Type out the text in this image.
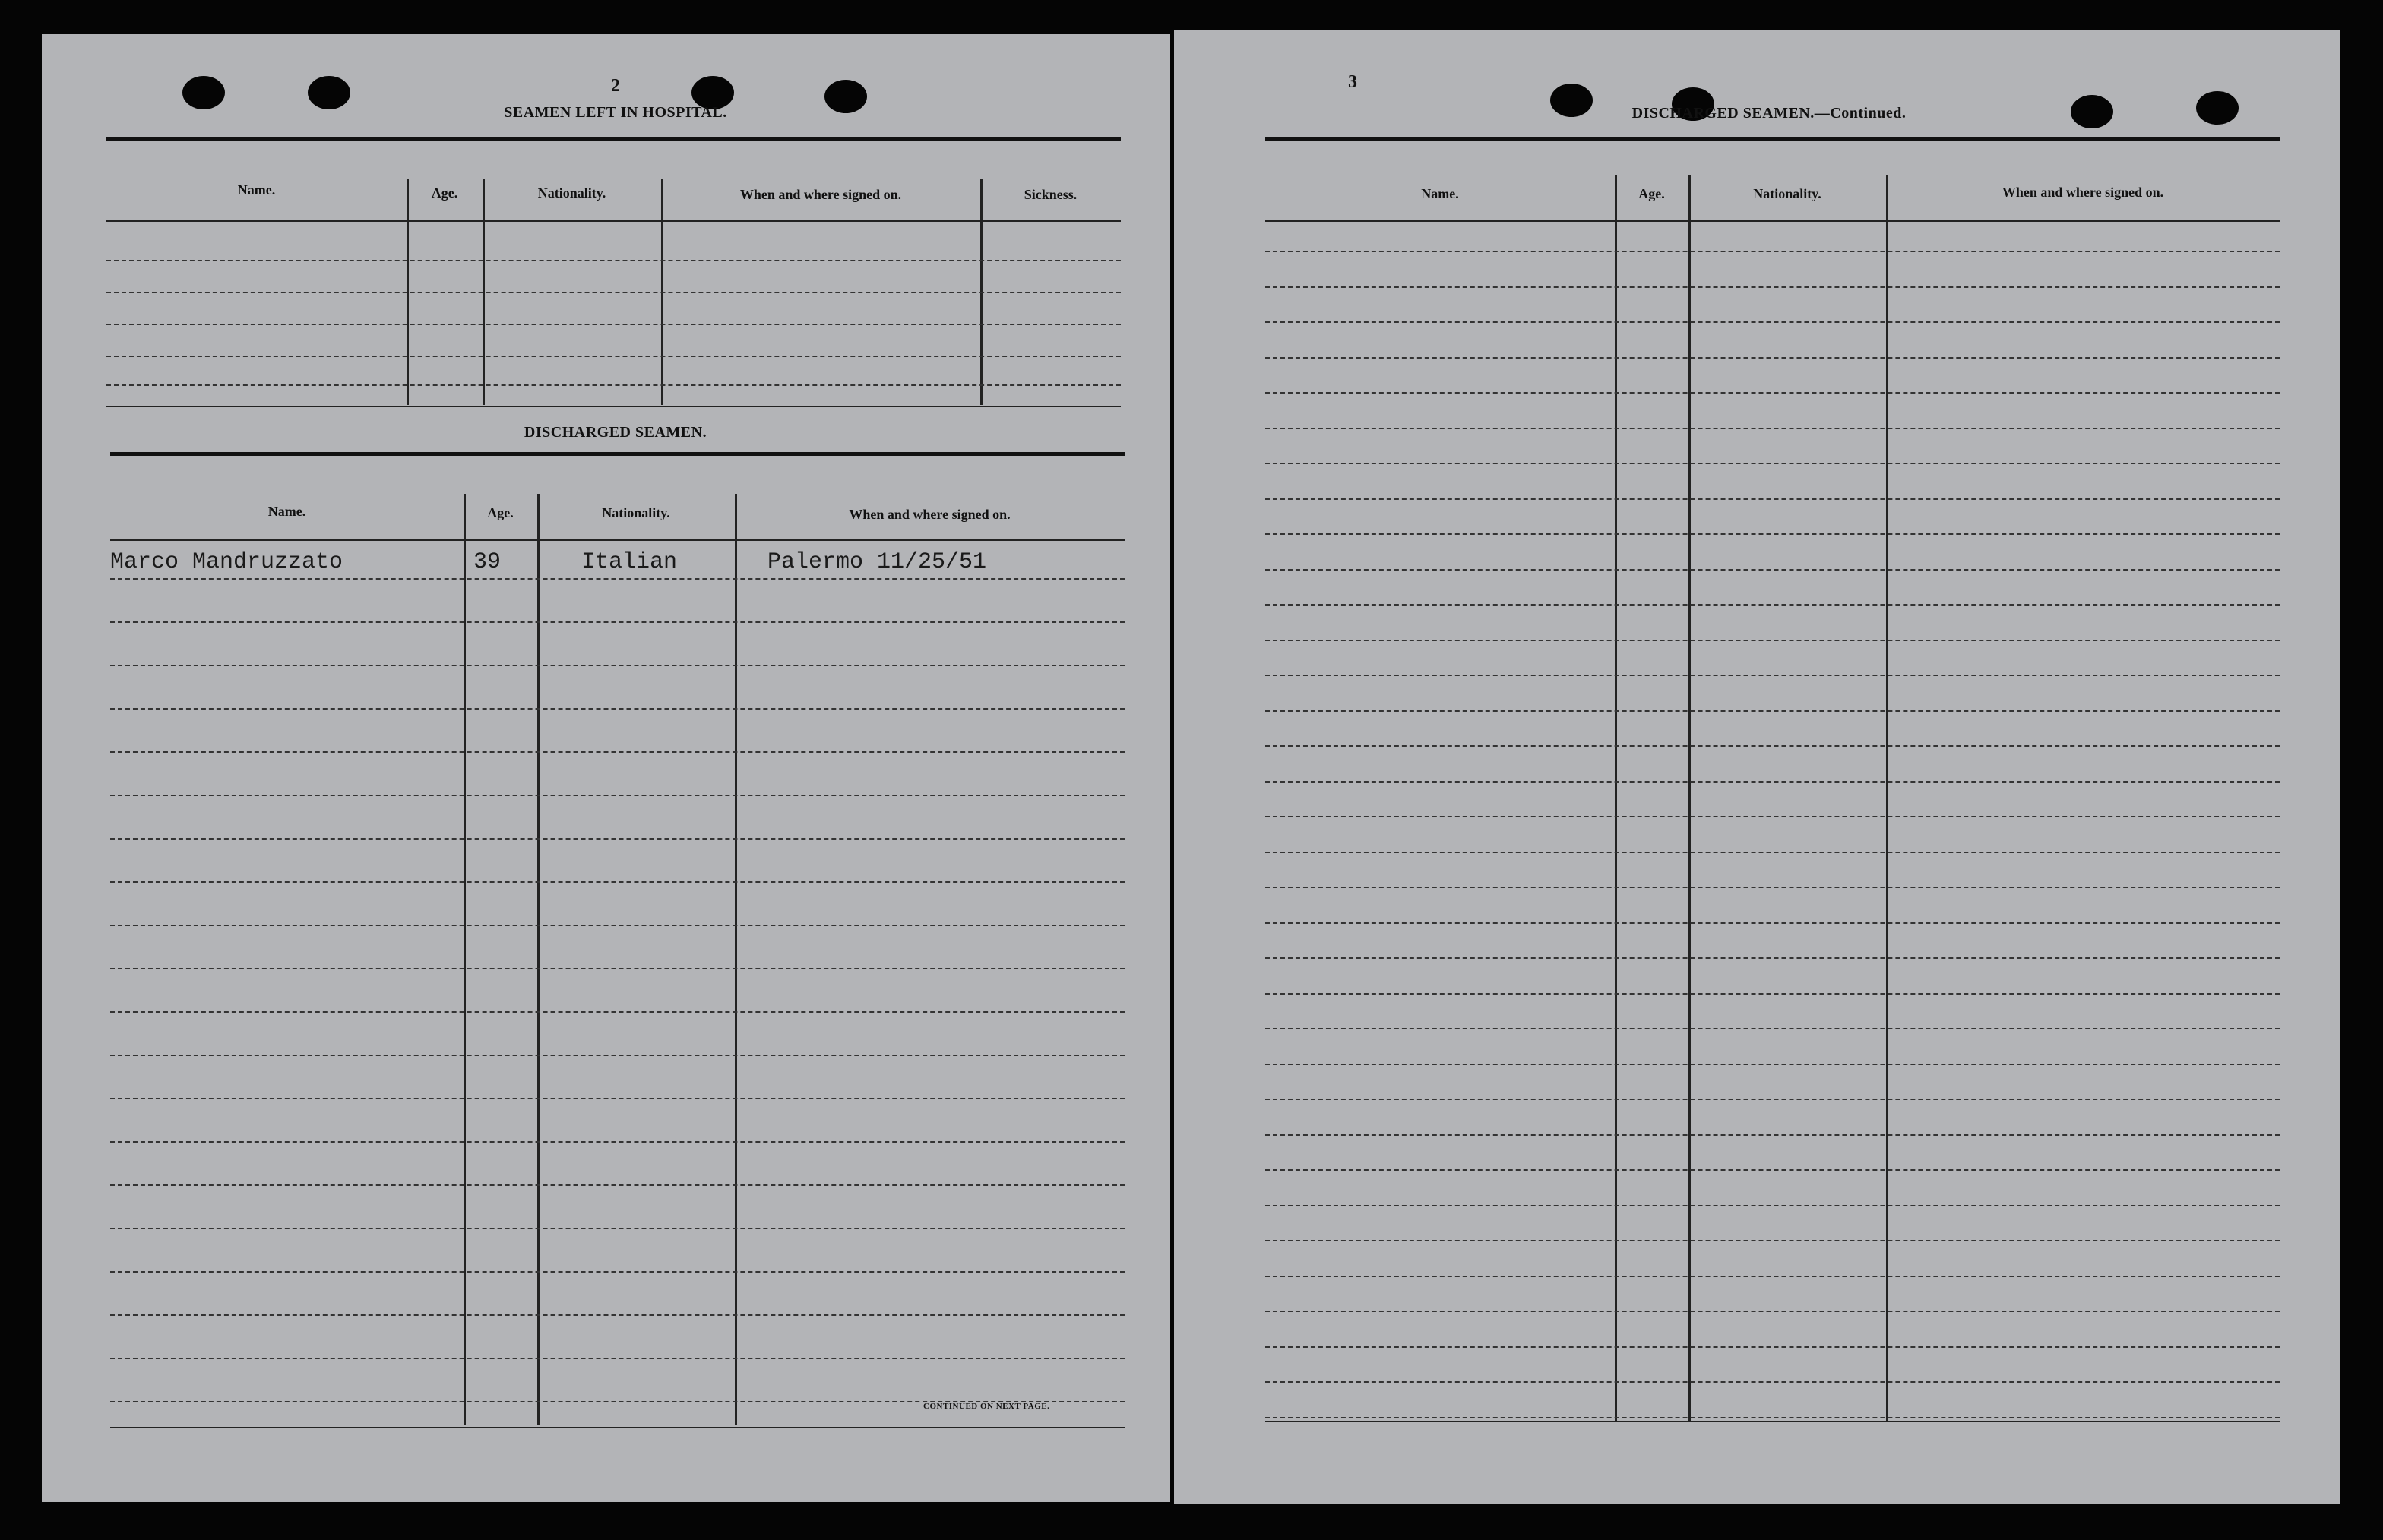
2
SEAMEN LEFT IN HOSPITAL.
Name.	Age.	Nationality.	When and where signed on.	Sickness.
DISCHARGED SEAMEN.
Name.	Age.	Nationality.	When and where signed on.
Marco Mandruzzato	39	Italian	Palermo 11/25/51
CONTINUED ON NEXT PAGE.
3
DISCHARGED SEAMEN.—Continued.
Name.	Age.	Nationality.	When and where signed on.
